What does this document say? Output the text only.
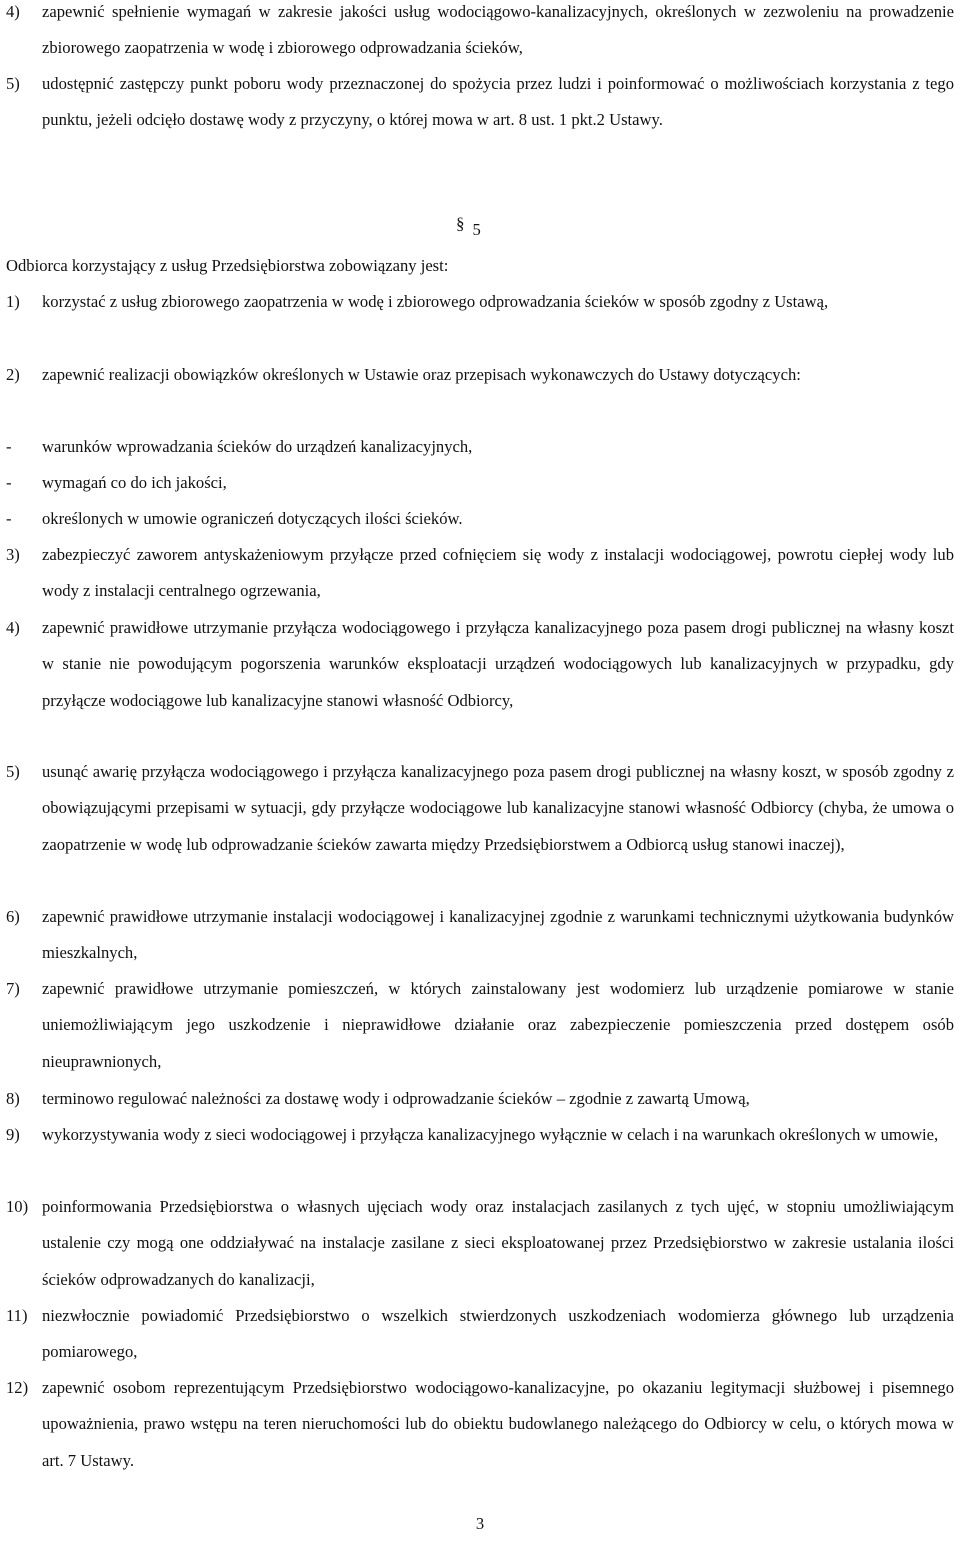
4) zapewnić spełnienie wymagań w zakresie jakości usług wodociągowo-kanalizacyjnych, określonych w zezwoleniu na prowadzenie zbiorowego zaopatrzenia w wodę i zbiorowego odprowadzania ścieków,
5) udostępnić zastępczy punkt poboru wody przeznaczonej do spożycia przez ludzi i poinformować o możliwościach korzystania z tego punktu, jeżeli odcięło dostawę wody z przyczyny, o której mowa w art. 8 ust. 1 pkt.2 Ustawy.
§ 5
Odbiorca korzystający z usług Przedsiębiorstwa zobowiązany jest:
1) korzystać z usług zbiorowego zaopatrzenia w wodę i zbiorowego odprowadzania ścieków w sposób zgodny z Ustawą,
2) zapewnić realizacji obowiązków określonych w Ustawie oraz przepisach wykonawczych do Ustawy dotyczących:
- warunków wprowadzania ścieków do urządzeń kanalizacyjnych,
- wymagań co do ich jakości,
- określonych w umowie ograniczeń dotyczących ilości ścieków.
3) zabezpieczyć zaworem antyskażeniowym przyłącze przed cofnięciem się wody z instalacji wodociągowej, powrotu ciepłej wody lub wody z instalacji centralnego ogrzewania,
4) zapewnić prawidłowe utrzymanie przyłącza wodociągowego i przyłącza kanalizacyjnego poza pasem drogi publicznej na własny koszt w stanie nie powodującym pogorszenia warunków eksploatacji urządzeń wodociągowych lub kanalizacyjnych w przypadku, gdy przyłącze wodociągowe lub kanalizacyjne stanowi własność Odbiorcy,
5) usunąć awarię przyłącza wodociągowego i przyłącza kanalizacyjnego poza pasem drogi publicznej na własny koszt, w sposób zgodny z obowiązującymi przepisami w sytuacji, gdy przyłącze wodociągowe lub kanalizacyjne stanowi własność Odbiorcy (chyba, że umowa o zaopatrzenie w wodę lub odprowadzanie ścieków zawarta między Przedsiębiorstwem a Odbiorcą usług stanowi inaczej),
6) zapewnić prawidłowe utrzymanie instalacji wodociągowej i kanalizacyjnej zgodnie z warunkami technicznymi użytkowania budynków mieszkalnych,
7) zapewnić prawidłowe utrzymanie pomieszczeń, w których zainstalowany jest wodomierz lub urządzenie pomiarowe w stanie uniemożliwiającym jego uszkodzenie i nieprawidłowe działanie oraz zabezpieczenie pomieszczenia przed dostępem osób nieuprawnionych,
8) terminowo regulować należności za dostawę wody i odprowadzanie ścieków – zgodnie z zawartą Umową,
9) wykorzystywania wody z sieci wodociągowej i przyłącza kanalizacyjnego wyłącznie w celach i na warunkach określonych w umowie,
10) poinformowania Przedsiębiorstwa o własnych ujęciach wody oraz instalacjach zasilanych z tych ujęć, w stopniu umożliwiającym ustalenie czy mogą one oddziaływać na instalacje zasilane z sieci eksploatowanej przez Przedsiębiorstwo w zakresie ustalania ilości ścieków odprowadzanych do kanalizacji,
11) niezwłocznie powiadomić Przedsiębiorstwo o wszelkich stwierdzonych uszkodzeniach wodomierza głównego lub urządzenia pomiarowego,
12) zapewnić osobom reprezentującym Przedsiębiorstwo wodociągowo-kanalizacyjne, po okazaniu legitymacji służbowej i pisemnego upoważnienia, prawo wstępu na teren nieruchomości lub do obiektu budowlanego należącego do Odbiorcy w celu, o których mowa w art. 7 Ustawy.
3
